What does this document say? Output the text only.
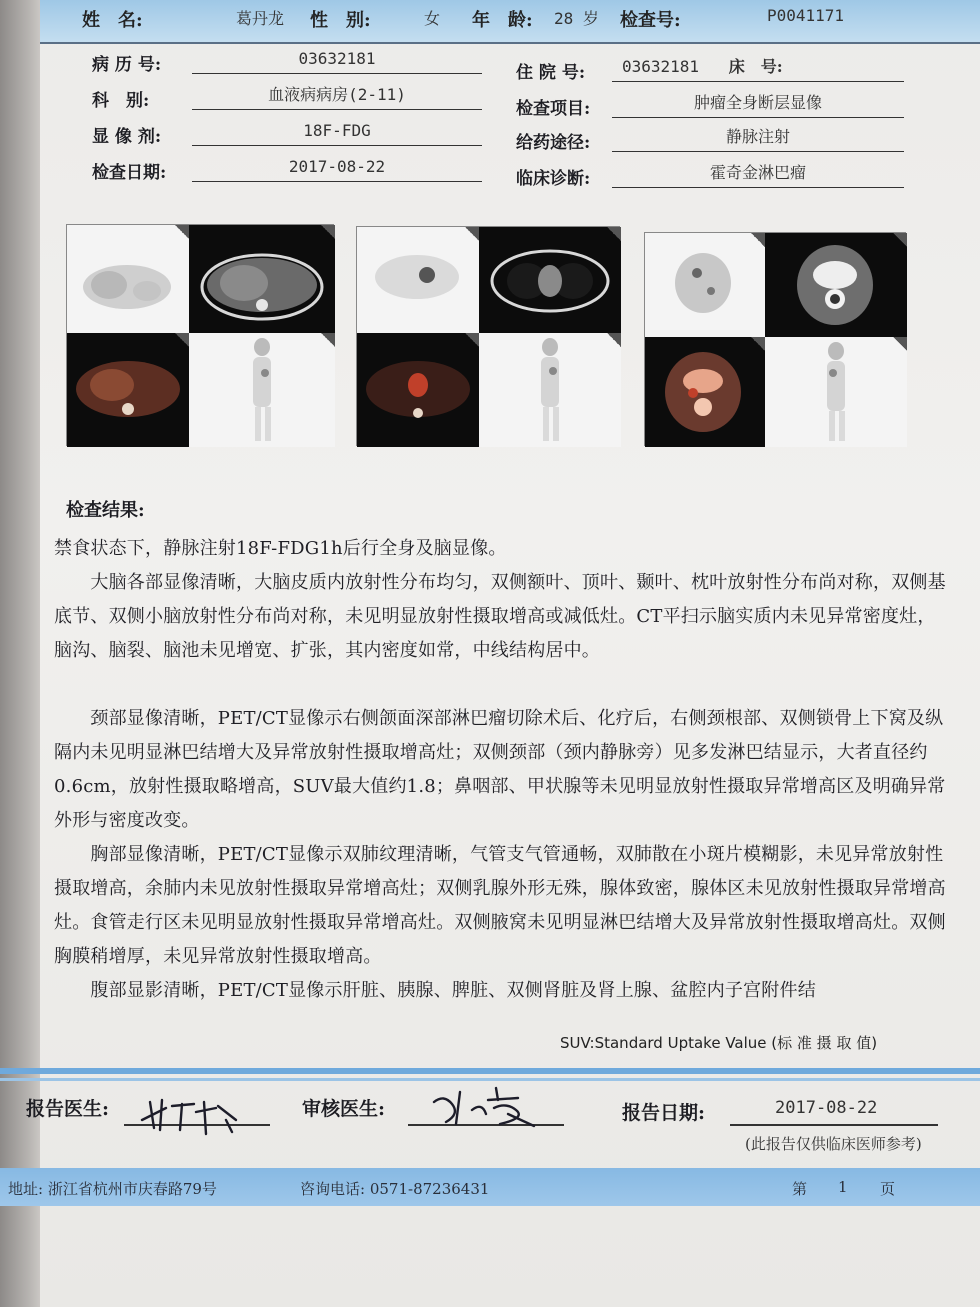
姓　名:	葛丹龙 性　别:	女 年　龄: 28 岁 检查号:	P0041171
病 历 号:	03632181
科　别:	血液病病房(2-11)
显 像 剂:	18F-FDG
检查日期:	2017-08-22
住 院 号:	03632181 床　号:
检查项目:	肿瘤全身断层显像
给药途径:	静脉注射
临床诊断:	霍奇金淋巴瘤
检查结果:
禁食状态下，静脉注射18F-FDG1h后行全身及脑显像。
　　大脑各部显像清晰，大脑皮质内放射性分布均匀，双侧额叶、顶叶、颞叶、枕叶放射性分布尚对称，双侧基底节、双侧小脑放射性分布尚对称，未见明显放射性摄取增高或减低灶。CT平扫示脑实质内未见异常密度灶，脑沟、脑裂、脑池未见增宽、扩张，其内密度如常，中线结构居中。
　　颈部显像清晰，PET/CT显像示右侧颌面深部淋巴瘤切除术后、化疗后，右侧颈根部、双侧锁骨上下窝及纵隔内未见明显淋巴结增大及异常放射性摄取增高灶；双侧颈部（颈内静脉旁）见多发淋巴结显示，大者直径约0.6cm，放射性摄取略增高，SUV最大值约1.8；鼻咽部、甲状腺等未见明显放射性摄取异常增高区及明确异常外形与密度改变。
　　胸部显像清晰，PET/CT显像示双肺纹理清晰，气管支气管通畅，双肺散在小斑片模糊影，未见异常放射性摄取增高，余肺内未见放射性摄取异常增高灶；双侧乳腺外形无殊，腺体致密，腺体区未见放射性摄取异常增高灶。食管走行区未见明显放射性摄取异常增高灶。双侧腋窝未见明显淋巴结增大及异常放射性摄取增高灶。双侧胸膜稍增厚，未见异常放射性摄取增高。
　　腹部显影清晰，PET/CT显像示肝脏、胰腺、脾脏、双侧肾脏及肾上腺、盆腔内子宫附件结
SUV:Standard Uptake Value (标 准 摄 取 值)
报告医生:	审核医生:	报告日期:	2017-08-22
(此报告仅供临床医师参考)
地址: 浙江省杭州市庆春路79号	咨询电话: 0571-87236431	第 1 页
